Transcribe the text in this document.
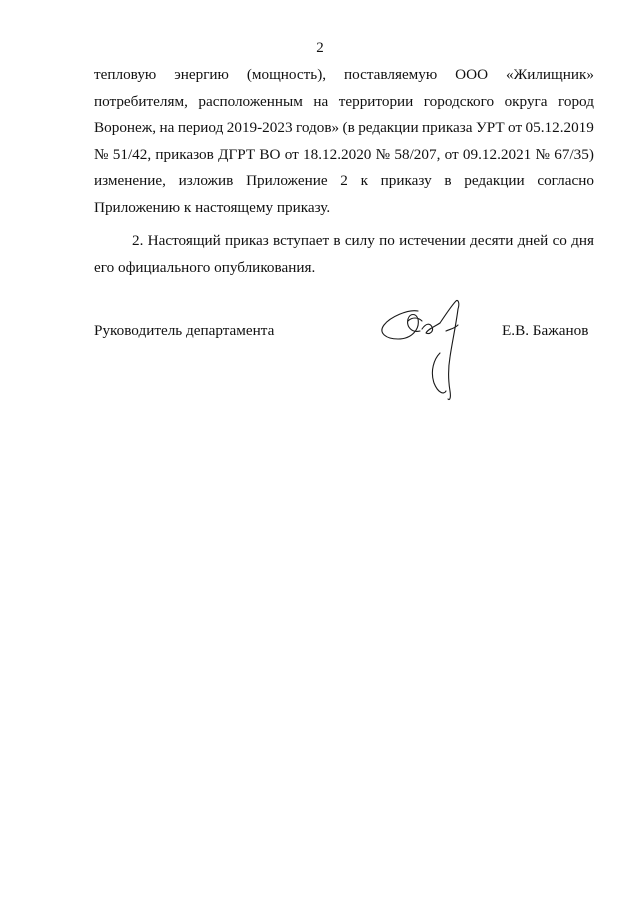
2
тепловую энергию (мощность), поставляемую ООО «Жилищник»
потребителям, расположенным на территории городского округа город
Воронеж, на период 2019-2023 годов» (в редакции приказа УРТ от 05.12.2019
№ 51/42, приказов ДГРТ ВО от 18.12.2020 № 58/207, от 09.12.2021 № 67/35)
изменение, изложив Приложение 2 к приказу в редакции согласно
Приложению к настоящему приказу.
2. Настоящий приказ вступает в силу по истечении десяти дней со дня
его официального опубликования.
Руководитель департамента	Е.В. Бажанов
